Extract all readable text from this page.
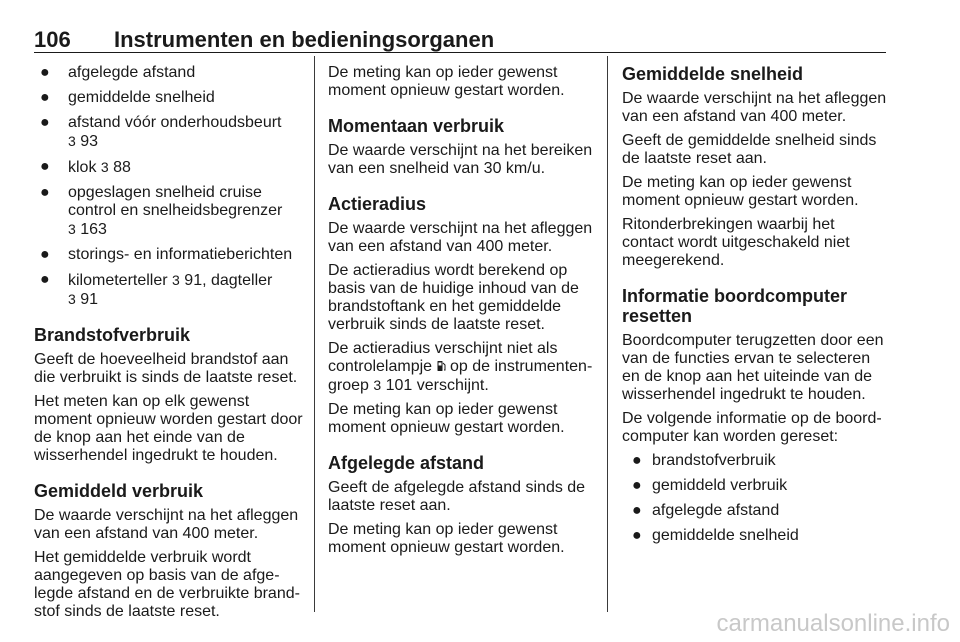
106 Instrumenten en bedieningsorganen
● afgelegde afstand
● gemiddelde snelheid
● afstand vóór onderhoudsbeurt
3 93
● klok 3 88
● opgeslagen snelheid cruise control en snelheidsbegrenzer
3 163
● storings- en informatieberichten
● kilometerteller 3 91, dagteller
3 91
Brandstofverbruik

Geeft de hoeveelheid brandstof aan die verbruikt is sinds de laatste reset.

Het meten kan op elk gewenst moment opnieuw worden gestart door de knop aan het einde van de wisserhendel ingedrukt te houden.

Gemiddeld verbruik

De waarde verschijnt na het afleggen van een afstand van 400 meter.

Het gemiddelde verbruik wordt aangegeven op basis van de afgelegde afstand en de verbruikte brandstof sinds de laatste reset.

De meting kan op ieder gewenst moment opnieuw gestart worden.

Momentaan verbruik

De waarde verschijnt na het bereiken van een snelheid van 30 km/u.

Actieradius

De waarde verschijnt na het afleggen van een afstand van 400 meter.

De actieradius wordt berekend op basis van de huidige inhoud van de brandstoftank en het gemiddelde verbruik sinds de laatste reset.

De actieradius verschijnt niet als controlelampje op de instrumentengroep 3 101 verschijnt.

De meting kan op ieder gewenst moment opnieuw gestart worden.

Afgelegde afstand

Geeft de afgelegde afstand sinds de laatste reset aan.

De meting kan op ieder gewenst moment opnieuw gestart worden.

Gemiddelde snelheid

De waarde verschijnt na het afleggen van een afstand van 400 meter.

Geeft de gemiddelde snelheid sinds de laatste reset aan.

De meting kan op ieder gewenst moment opnieuw gestart worden.

Ritonderbrekingen waarbij het contact wordt uitgeschakeld niet meegerekend.

Informatie boordcomputer resetten

Boordcomputer terugzetten door een van de functies ervan te selecteren en de knop aan het uiteinde van de wisserhendel ingedrukt te houden.

De volgende informatie op de boordcomputer kan worden gereset:

● brandstofverbruik
● gemiddeld verbruik
● afgelegde afstand
● gemiddelde snelheid
carmanualsonline.info
